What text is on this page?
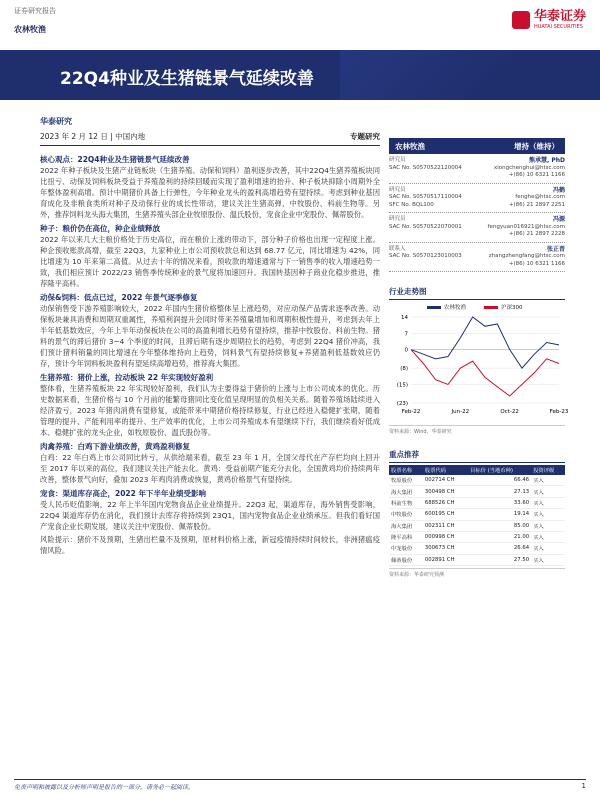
证券研究报告
农林牧渔
华泰证券
HUATAI SECURITIES
22Q4种业及生猪链景气延续改善
华泰研究
2023 年 2 月 12 日 | 中国内地	专题研究
核心观点：22Q4种业及生猪链景气延续改善
2022 年种子板块及生猪产业链板块（生猪养殖、动保和饲料）盈利逐步改善，其中22Q4生猪养殖板块同比扭亏、动保及饲料板块受益于养殖盈利的持续回暖而实现了盈利增速的抬升、种子板块抑除小周期外全年整体盈利高增。预计中期猪价具备上行弹性，今年种业龙头的盈利高增趋势有望持续。考虑到种业基因育成化及非粮食类所对种子及动保行业的成长性带动，建议关注生猪高弹、中牧股份、科前生物等。另外，推荐饲料龙头海大集团，生猪养殖头部企业牧原股份、温氏股份，宠食企业中宠股份、佩蒂股份。
种子：粮价仍在高位，种企业绩释放
2022 年以来几大主粮价格处于历史高位，而在粮价上涨的带动下，部分种子价格也出现一定程度上涨。种企预收账款高增，截至 22Q3，九家种业上市公司预收款总和达到 68.77 亿元，同比增速为 42%，同比增速为 10 年来第二高值。从过去十年的情况来看，预收款的增速通常与下一销售季的收入增速趋势一致，我们相应预计 2022/23 销售季传统种业的景气度将加速回升。我国转基因种子商业化稳步推进，推荐隆平高科。
动保&饲料：低点已过，2022 年景气逐季修复
动保销售受下游养殖影响较大，2022 年国内生猪价格整体呈上涨趋势，对应动保产品需求逐季改善。动保板块兼具消费和周期双重属性，养殖利润提升会同时带来养殖量增加和周期积极性提升，考虑到去年上半年低基数效应，今年上半年动保板块在公司的高盈利增长趋势有望持续，推荐中牧股份、科前生物。猪料的景气的滞后猪价 3~4 个季度的时间，且滞后期有逐步周期拉长的趋势，考虑到 22Q4 猪价冲高，我们预计猪料销量的同比增速在今年整体维持向上趋势，饲料景气有望持续修复+养猪盈利低基数效应仍存，预计今年饲料板块盈利有望延续高增趋势，推荐海大集团。
生猪养殖：猪价上涨，拉动板块 22 年实现较好盈利
整体看，生猪养殖板块 22 年实现较好盈利，我们认为主要得益于猪价的上涨与上市公司成本的优化。历史数据来看，生猪价格与 10 个月前的能繁母猪同比变化值呈现明显的负相关关系。随着养殖场陆续进入经济盈亏，2023 年猪肉消费有望修复，或能带来中期猪价格持续修复，行业已经进入稳健扩张期，随着管理的提升、产能利用率的提升、生产效率的优化，上市公司养殖成本有望继续下行，我们继续看好低成本、稳健扩张的龙头企业，如牧原股份、温氏股份等。
肉禽养殖：白鸡下游业绩改善，黄鸡盈利修复
白鸡：22 年白鸡上市公司同比转亏，从供给端来看，截至 23 年 1 月，全国父母代在产存栏均向上回升至 2017 年以来的高位，我们建议关注产能去化。黄鸡：受益前期产能充分去化，全国黄鸡均价持续两年改善，整体景气向好，叠加 2023 年鸡肉消费或恢复，黄鸡价格景气有望持续。
宠食：渠道库存高企，2022 年下半年业绩受影响
受人民币贬值影响，22 年上半年国内宠物食品企业业绩提升。22Q3 起，渠道库存，海外销售受影响，22Q4 渠道库存仍在消化，我们预计去库存将持续到 23Q1，国内宠物食品企业业绩承压。但我们看好国产宠食企业长期发展，建议关注中宠股份、佩蒂股份。
风险提示：猪价不及预期，生猪出栏量不及预期，原材料价格上涨，新冠疫情持续时间较长，非洲猪瘟疫情风险。
农林牧渔	增持（维持）
研究员	熊承慧, PhD
SAC No. S0570522120004	xiongchenghui@htsc.com
+(86) 10 6321 1166
研究员	冯鹤
SAC No. S0570517110004	fenghe@htsc.com
SFC No. BQL100	+(86) 21 2897 2251
研究员	冯源
SAC No. S0570522070001	fengyuan016921@htsc.com
+(86) 21 2897 2228
联系人	张正晋
SAC No. S0570123010003	zhangzhengfang@htsc.com
+(86) 10 6321 1166
行业走势图
农林牧渔	沪深300
14
7
0
(8)
(15)
(23)
Feb-22	Jun-22	Oct-22	Feb-23
资料来源：Wind，华泰研究
重点推荐
股票名称	股票代码	目标价 (当地币种)	投资评级
牧原股份	002714 CH	66.46	买入
海大集团	300498 CH	27.13	买入
科前生物	688526 CH	33.60	买入
中牧股份	600195 CH	19.14	买入
海大集团	002311 CH	85.00	买入
隆平高科	000998 CH	21.00	买入
中宠股份	300673 CH	26.64	买入
佩蒂股份	002891 CH	27.50	买入
资料来源：华泰研究预测
免责声明和披露以及分析师声明是报告的一部分，请务必一起阅读。	1
